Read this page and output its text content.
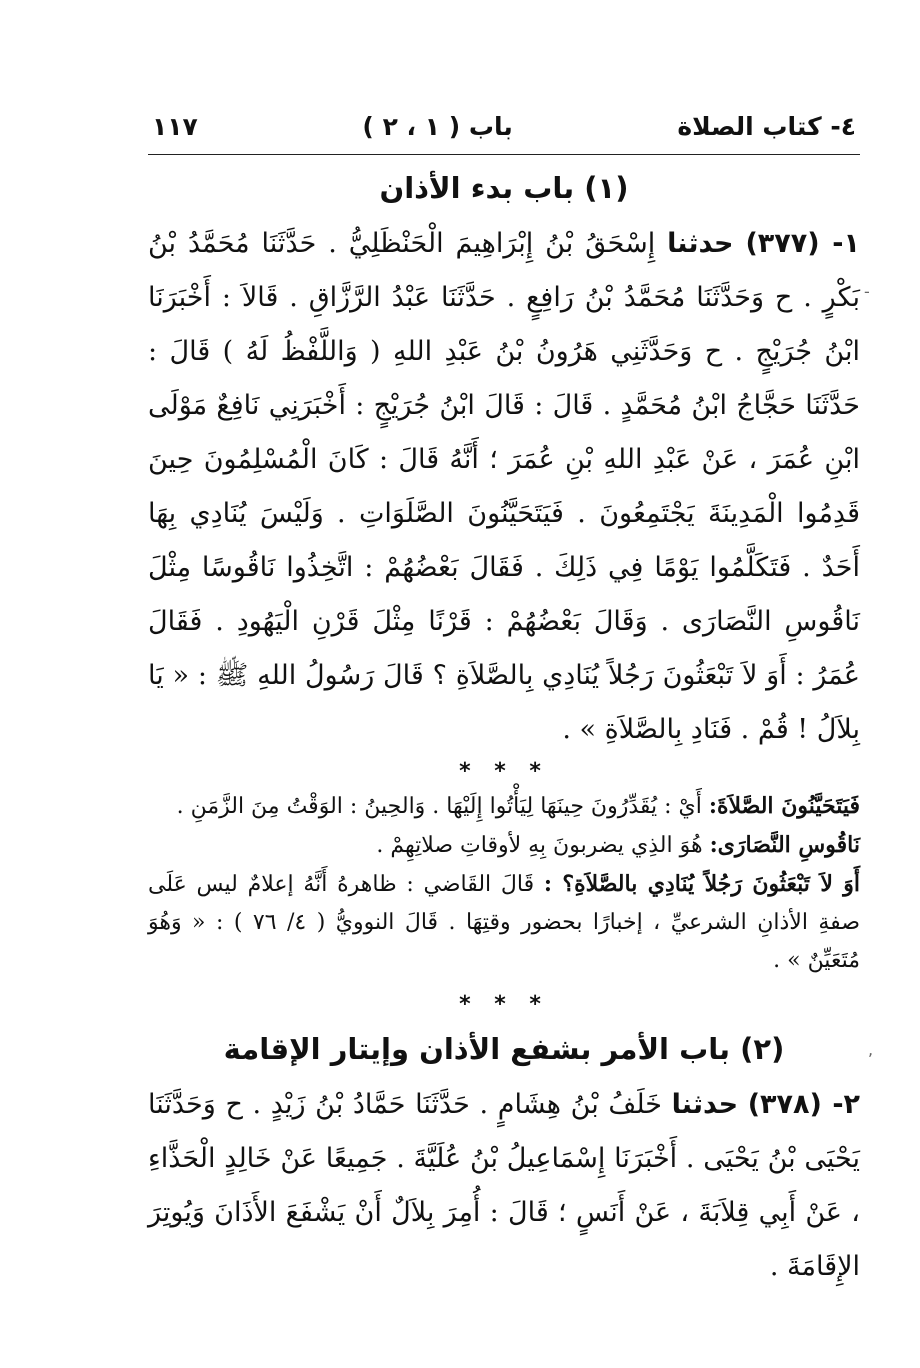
-
,
٤- كتاب الصلاة
باب ( ١ ، ٢ )
١١٧
(١) باب بدء الأذان

١- (٣٧٧) حدثنا إِسْحَقُ بْنُ إِبْرَاهِيمَ الْحَنْظَلِيُّ . حَدَّثَنَا مُحَمَّدُ بْنُ بَكْرٍ . ح وَحَدَّثَنَا مُحَمَّدُ بْنُ رَافِعٍ . حَدَّثَنَا عَبْدُ الرَّزَّاقِ . قَالاَ : أَخْبَرَنَا ابْنُ جُرَيْجٍ . ح وَحَدَّثَنِي هَرُونُ بْنُ عَبْدِ اللهِ ( وَاللَّفْظُ لَهُ ) قَالَ : حَدَّثَنَا حَجَّاجُ ابْنُ مُحَمَّدٍ . قَالَ : قَالَ ابْنُ جُرَيْجٍ : أَخْبَرَنِي نَافِعٌ مَوْلَى ابْنِ عُمَرَ ، عَنْ عَبْدِ اللهِ بْنِ عُمَرَ ؛ أَنَّهُ قَالَ : كَانَ الْمُسْلِمُونَ حِينَ قَدِمُوا الْمَدِينَةَ يَجْتَمِعُونَ . فَيَتَحَيَّنُونَ الصَّلَوَاتِ . وَلَيْسَ يُنَادِي بِهَا أَحَدٌ . فَتَكَلَّمُوا يَوْمًا فِي ذَلِكَ . فَقَالَ بَعْضُهُمْ : اتَّخِذُوا نَاقُوسًا مِثْلَ نَاقُوسِ النَّصَارَى . وَقَالَ بَعْضُهُمْ : قَرْنًا مِثْلَ قَرْنِ الْيَهُودِ . فَقَالَ عُمَرُ : أَوَ لاَ تَبْعَثُونَ رَجُلاً يُنَادِي بِالصَّلاَةِ ؟ قَالَ رَسُولُ اللهِ ﷺ : « يَا بِلاَلُ ! قُمْ . فَنَادِ بِالصَّلاَةِ » .

* * *

فَيَتَحَيَّنُونَ الصَّلاَةَ: أَيْ : يُقَدِّرُونَ حِينَهَا لِيَأْتُوا إِلَيْهَا . وَالحِينُ : الوَقْتُ مِنَ الزَّمَنِ .

نَاقُوسِ النَّصَارَى: هُوَ الذِي يضربونَ بِهِ لأوقاتِ صلاتِهِمْ .

أَوَ لاَ تَبْعَثُونَ رَجُلاً يُنَادِي بالصَّلاَةِ؟ : قَالَ القَاضي : ظاهرهُ أَنَّهُ إعلامٌ ليس عَلَى صفةِ الأذانِ الشرعيِّ ، إخبارًا بحضور وقتِهَا . قَالَ النوويُّ ( ٤/ ٧٦ ) : « وَهُوَ مُتَعَيِّنٌ » .

* * *
(٢) باب الأمر بشفع الأذان وإيتار الإقامة

٢- (٣٧٨) حدثنا خَلَفُ بْنُ هِشَامٍ . حَدَّثَنَا حَمَّادُ بْنُ زَيْدٍ . ح وَحَدَّثَنَا يَحْيَى بْنُ يَحْيَى . أَخْبَرَنَا إِسْمَاعِيلُ بْنُ عُلَيَّةَ . جَمِيعًا عَنْ خَالِدٍ الْحَذَّاءِ ، عَنْ أَبِي قِلاَبَةَ ، عَنْ أَنَسٍ ؛ قَالَ : أُمِرَ بِلاَلٌ أَنْ يَشْفَعَ الأَذَانَ وَيُوتِرَ الإِقَامَةَ .
